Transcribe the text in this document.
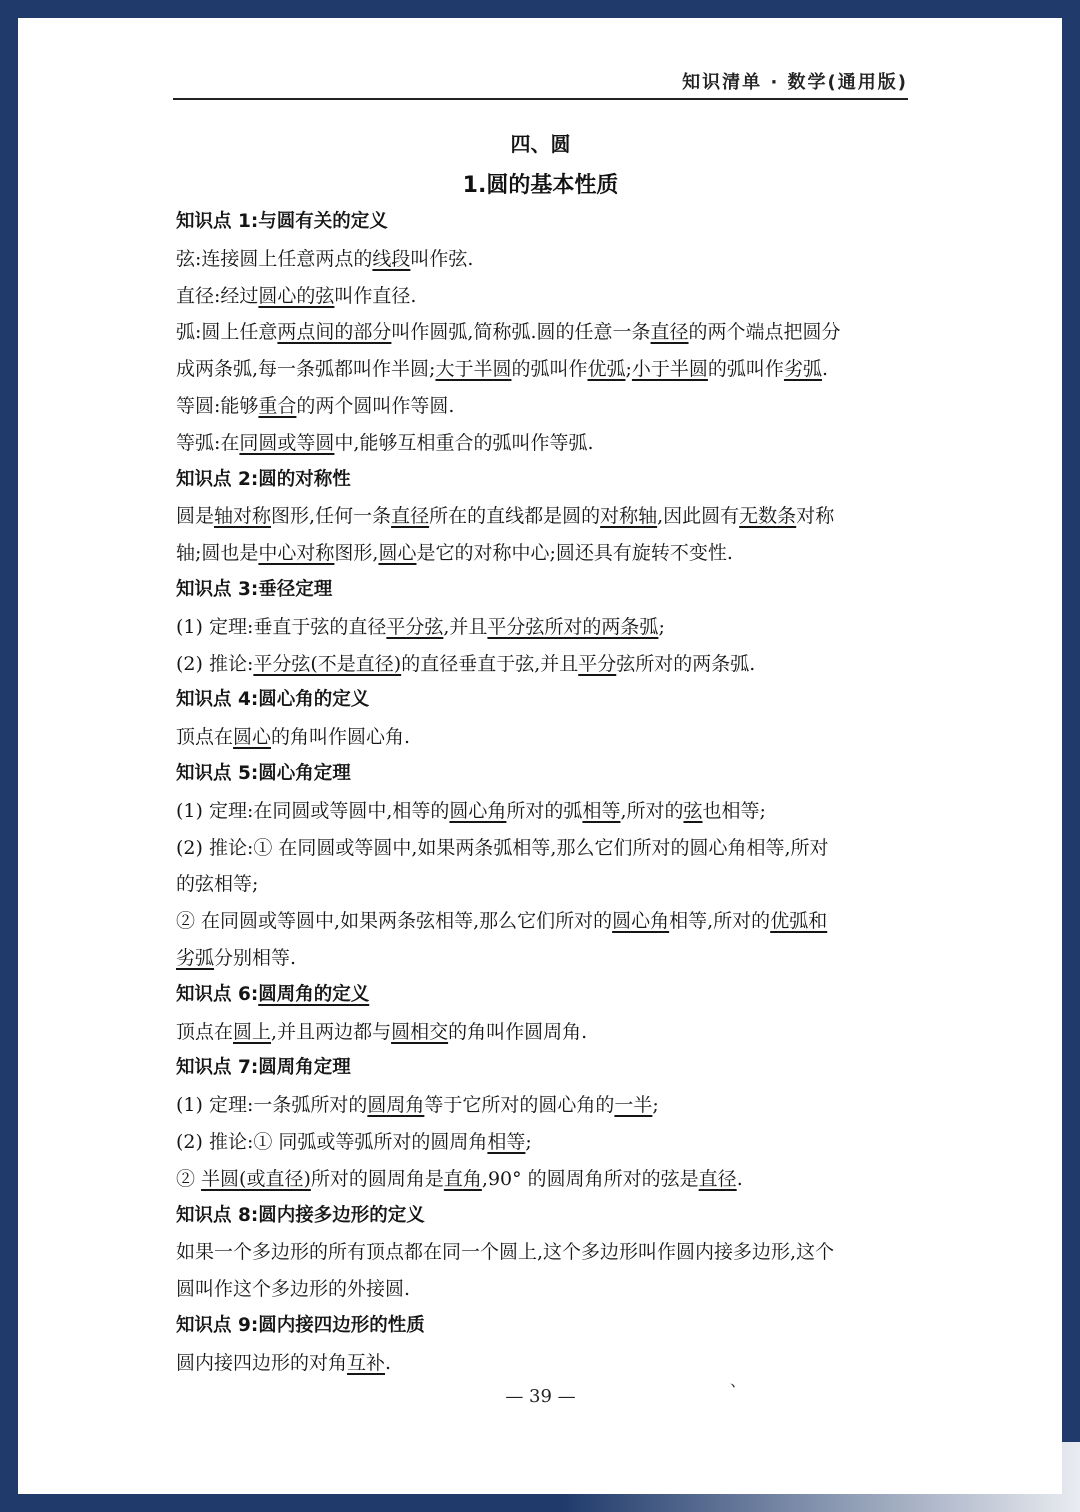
知识清单 · 数学(通用版)
四、圆
1.圆的基本性质
知识点 1:与圆有关的定义
弦:连接圆上任意两点的线段叫作弦.
直径:经过圆心的弦叫作直径.
弧:圆上任意两点间的部分叫作圆弧,简称弧.圆的任意一条直径的两个端点把圆分
成两条弧,每一条弧都叫作半圆;大于半圆的弧叫作优弧;小于半圆的弧叫作劣弧.
等圆:能够重合的两个圆叫作等圆.
等弧:在同圆或等圆中,能够互相重合的弧叫作等弧.
知识点 2:圆的对称性
圆是轴对称图形,任何一条直径所在的直线都是圆的对称轴,因此圆有无数条对称
轴;圆也是中心对称图形,圆心是它的对称中心;圆还具有旋转不变性.
知识点 3:垂径定理
(1) 定理:垂直于弦的直径平分弦,并且平分弦所对的两条弧;
(2) 推论:平分弦(不是直径)的直径垂直于弦,并且平分弦所对的两条弧.
知识点 4:圆心角的定义
顶点在圆心的角叫作圆心角.
知识点 5:圆心角定理
(1) 定理:在同圆或等圆中,相等的圆心角所对的弧相等,所对的弦也相等;
(2) 推论:① 在同圆或等圆中,如果两条弧相等,那么它们所对的圆心角相等,所对
的弦相等;
② 在同圆或等圆中,如果两条弦相等,那么它们所对的圆心角相等,所对的优弧和
劣弧分别相等.
知识点 6:圆周角的定义
顶点在圆上,并且两边都与圆相交的角叫作圆周角.
知识点 7:圆周角定理
(1) 定理:一条弧所对的圆周角等于它所对的圆心角的一半;
(2) 推论:① 同弧或等弧所对的圆周角相等;
② 半圆(或直径)所对的圆周角是直角,90° 的圆周角所对的弦是直径.
知识点 8:圆内接多边形的定义
如果一个多边形的所有顶点都在同一个圆上,这个多边形叫作圆内接多边形,这个
圆叫作这个多边形的外接圆.
知识点 9:圆内接四边形的性质
圆内接四边形的对角互补.
、
— 39 —
